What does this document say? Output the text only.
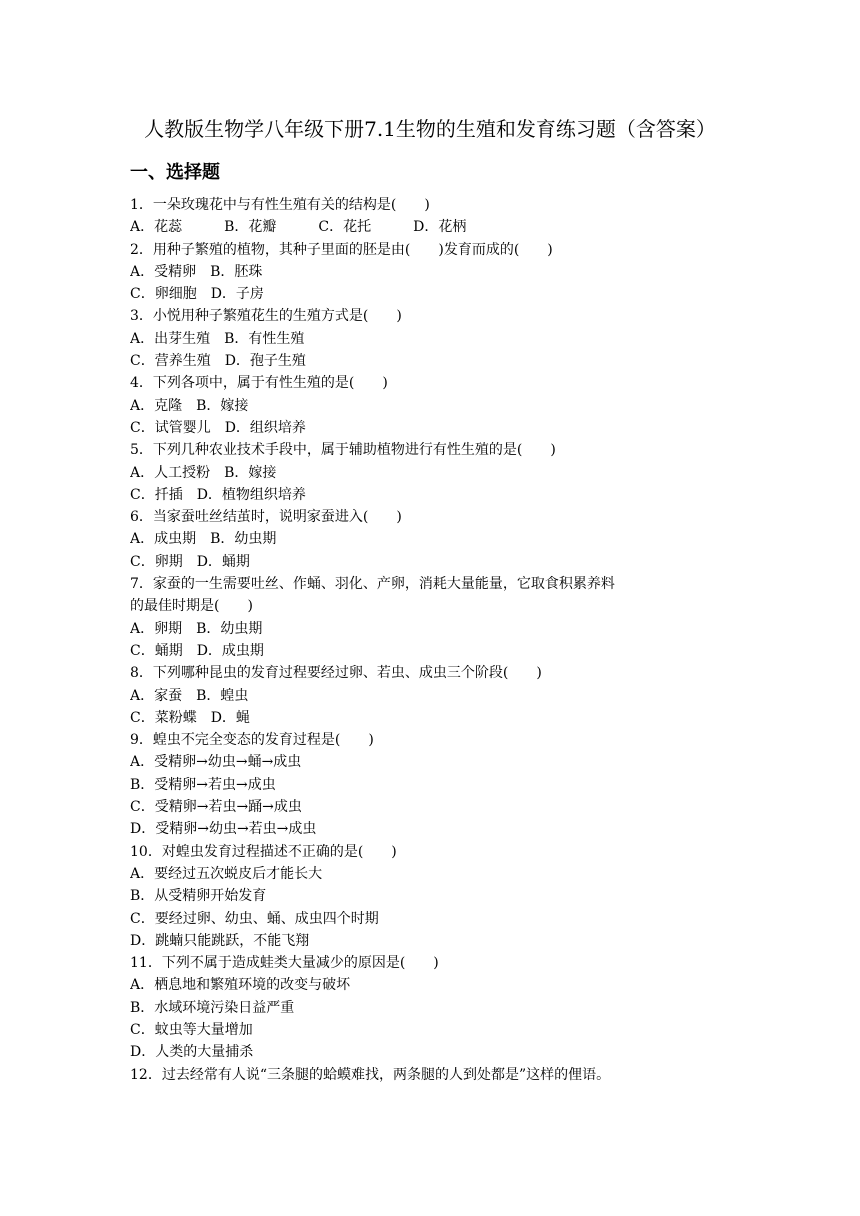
人教版生物学八年级下册7.1生物的生殖和发育练习题（含答案）
一、选择题
1．一朵玫瑰花中与有性生殖有关的结构是(　　)
A．花蕊　　　B．花瓣　　　C．花托　　　D．花柄
2．用种子繁殖的植物，其种子里面的胚是由(　　)发育而成的(　　)
A．受精卵　B．胚珠
C．卵细胞　D．子房
3．小悦用种子繁殖花生的生殖方式是(　　)
A．出芽生殖　B．有性生殖
C．营养生殖　D．孢子生殖
4．下列各项中，属于有性生殖的是(　　)
A．克隆　B．嫁接
C．试管婴儿　D．组织培养
5．下列几种农业技术手段中，属于辅助植物进行有性生殖的是(　　)
A．人工授粉　B．嫁接
C．扦插　D．植物组织培养
6．当家蚕吐丝结茧时，说明家蚕进入(　　)
A．成虫期　B．幼虫期
C．卵期　D．蛹期
7．家蚕的一生需要吐丝、作蛹、羽化、产卵，消耗大量能量，它取食积累养料
的最佳时期是(　　)
A．卵期　B．幼虫期
C．蛹期　D．成虫期
8．下列哪种昆虫的发育过程要经过卵、若虫、成虫三个阶段(　　)
A．家蚕　B．蝗虫
C．菜粉蝶　D．蝇
9．蝗虫不完全变态的发育过程是(　　)
A．受精卵→幼虫→蛹→成虫
B．受精卵→若虫→成虫
C．受精卵→若虫→踊→成虫
D．受精卵→幼虫→若虫→成虫
10．对蝗虫发育过程描述不正确的是(　　)
A．要经过五次蜕皮后才能长大
B．从受精卵开始发育
C．要经过卵、幼虫、蛹、成虫四个时期
D．跳蝻只能跳跃，不能飞翔
11．下列不属于造成蛙类大量减少的原因是(　　)
A．栖息地和繁殖环境的改变与破坏
B．水域环境污染日益严重
C．蚊虫等大量增加
D．人类的大量捕杀
12．过去经常有人说“三条腿的蛤蟆难找，两条腿的人到处都是”这样的俚语。
